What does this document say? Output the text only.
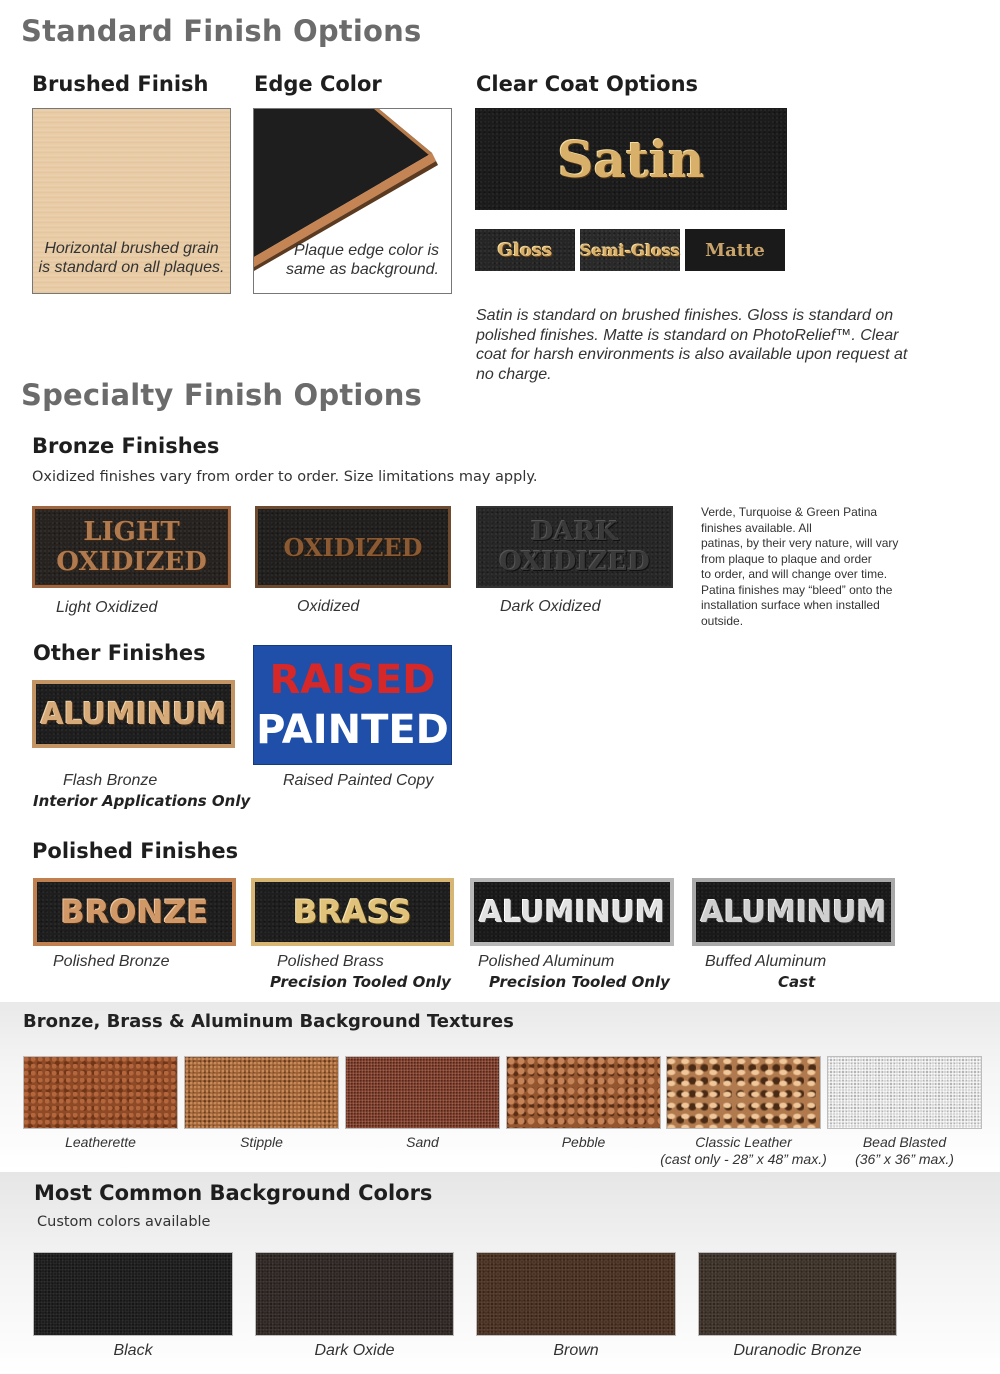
Standard Finish Options
Brushed Finish
Horizontal brushed grain
is standard on all plaques.
Edge Color
Plaque edge color is
same as background.
Clear Coat Options
Satin
Gloss Semi-Gloss Matte
Satin is standard on brushed finishes. Gloss is standard on
polished finishes. Matte is standard on PhotoRelief™. Clear
coat for harsh environments is also available upon request at
no charge.
Specialty Finish Options
Bronze Finishes
Oxidized finishes vary from order to order. Size limitations may apply.
LIGHT
OXIDIZED	OXIDIZED	DARK
OXIDIZED
Light Oxidized	Oxidized	Dark Oxidized
Verde, Turquoise & Green Patina
finishes available. All
patinas, by their very nature, will vary
from plaque to plaque and order
to order, and will change over time.
Patina finishes may “bleed” onto the
installation surface when installed
outside.
Other Finishes
ALUMINUM
Flash Bronze
Interior Applications Only
RAISED
PAINTED
Raised Painted Copy
Polished Finishes
BRONZE	BRASS ALUMINUM ALUMINUM
Polished Bronze	Polished Brass
Precision Tooled Only
Polished Aluminum
Precision Tooled Only
Buffed Aluminum
Cast
Bronze, Brass & Aluminum Background Textures
Leatherette	Stipple	Sand	Pebble	Classic Leather
(cast only - 28” x 48” max.)
Bead Blasted
(36” x 36” max.)
Most Common Background Colors
Custom colors available
Black	Dark Oxide	Brown	Duranodic Bronze
